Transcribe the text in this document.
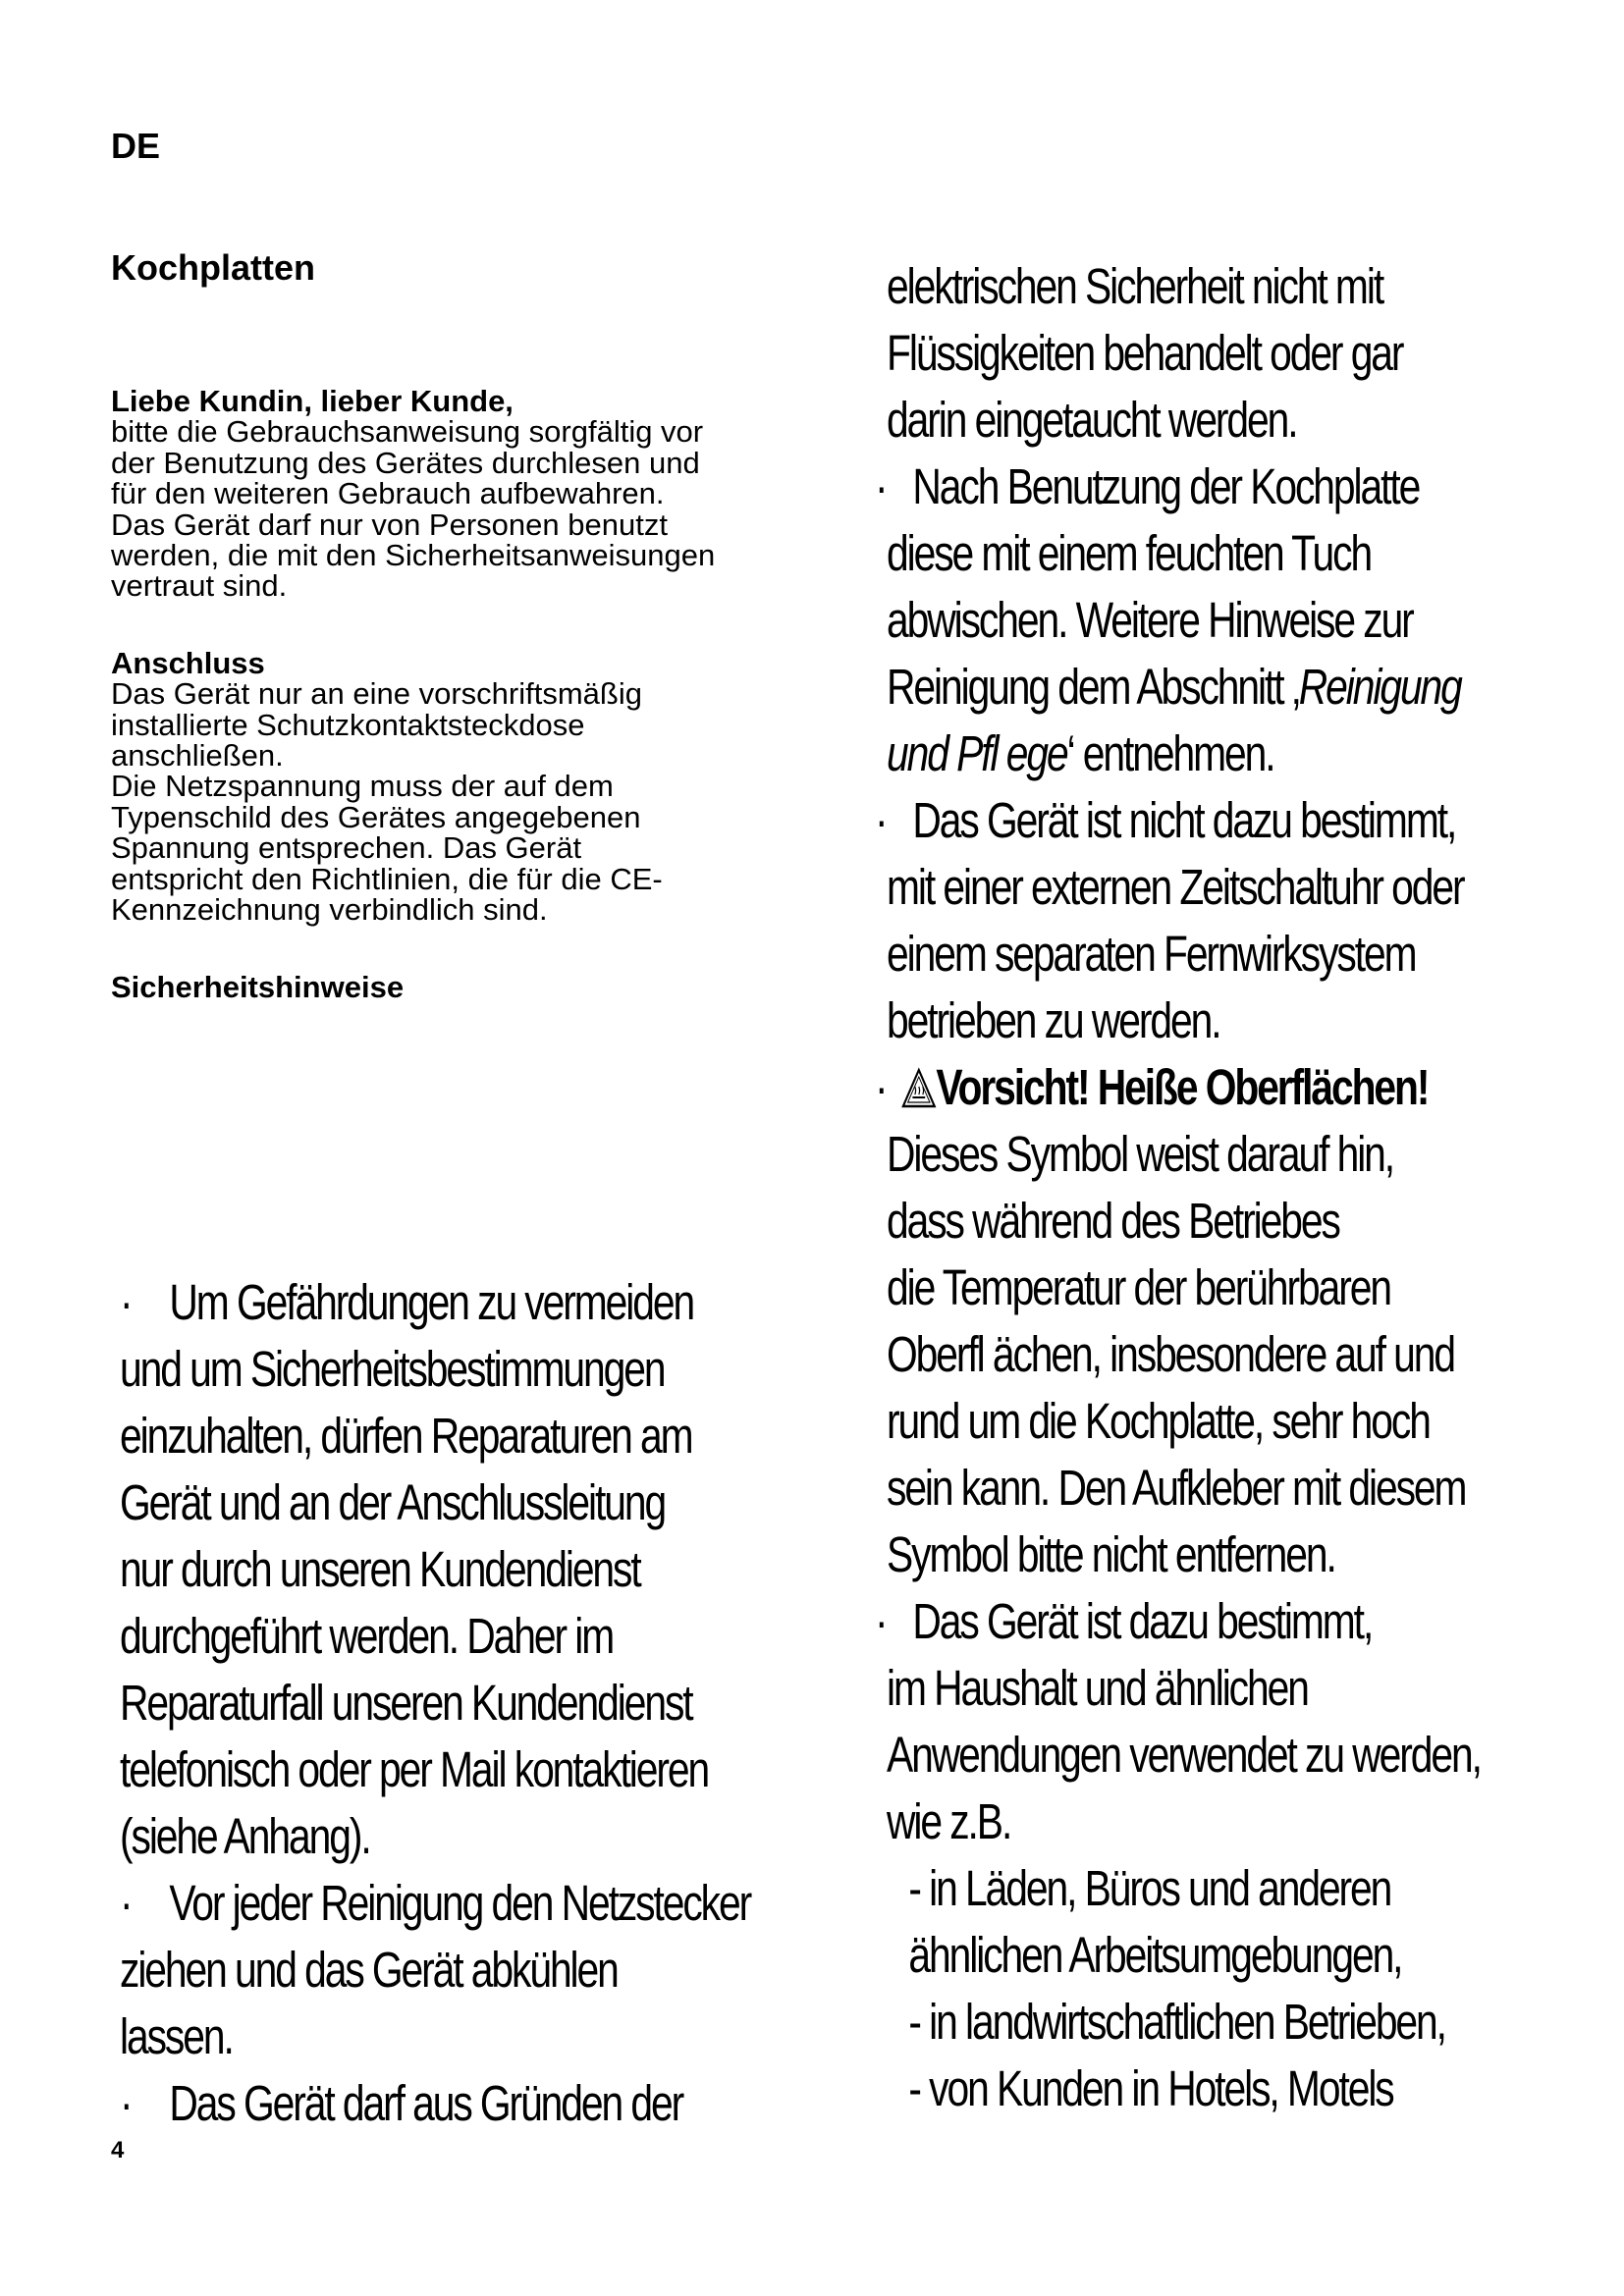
DE

Kochplatten

Liebe Kundin, lieber Kunde,

bitte die Gebrauchsanweisung sorgfältig vor

der Benutzung des Gerätes durchlesen und

für den weiteren Gebrauch aufbewahren.

Das Gerät darf nur von Personen benutzt

werden, die mit den Sicherheitsanweisungen

vertraut sind.

Anschluss

Das Gerät nur an eine vorschriftsmäßig

installierte Schutzkontaktsteckdose

anschließen.

Die Netzspannung muss der auf dem

Typenschild des Gerätes angegebenen

Spannung entsprechen. Das Gerät

entspricht den Richtlinien, die für die CE-

Kennzeichnung verbindlich sind.

Sicherheitshinweise
· Um Gefährdungen zu vermeiden

und um Sicherheitsbestimmungen

einzuhalten, dürfen Reparaturen am

Gerät und an der Anschlussleitung

nur durch unseren Kundendienst

durchgeführt werden. Daher im

Reparaturfall unseren Kundendienst

telefonisch oder per Mail kontaktieren

(siehe Anhang).

· Vor jeder Reinigung den Netzstecker

ziehen und das Gerät abkühlen

lassen.

· Das Gerät darf aus Gründen der

elektrischen Sicherheit nicht mit

Flüssigkeiten behandelt oder gar

darin eingetaucht werden.

· Nach Benutzung der Kochplatte

diese mit einem feuchten Tuch

abwischen. Weitere Hinweise zur

Reinigung dem Abschnitt ‚Reinigung

und Pfl ege‘ entnehmen.

· Das Gerät ist nicht dazu bestimmt,

mit einer externen Zeitschaltuhr oder

einem separaten Fernwirksystem

betrieben zu werden.

· Vorsicht! Heiße Oberflächen!

Dieses Symbol weist darauf hin,

dass während des Betriebes

die Temperatur der berührbaren

Oberfl ächen, insbesondere auf und

rund um die Kochplatte, sehr hoch

sein kann. Den Aufkleber mit diesem

Symbol bitte nicht entfernen.

· Das Gerät ist dazu bestimmt,

im Haushalt und ähnlichen

Anwendungen verwendet zu werden,

wie z.B.

- in Läden, Büros und anderen

ähnlichen Arbeitsumgebungen,

- in landwirtschaftlichen Betrieben,

- von Kunden in Hotels, Motels

4
